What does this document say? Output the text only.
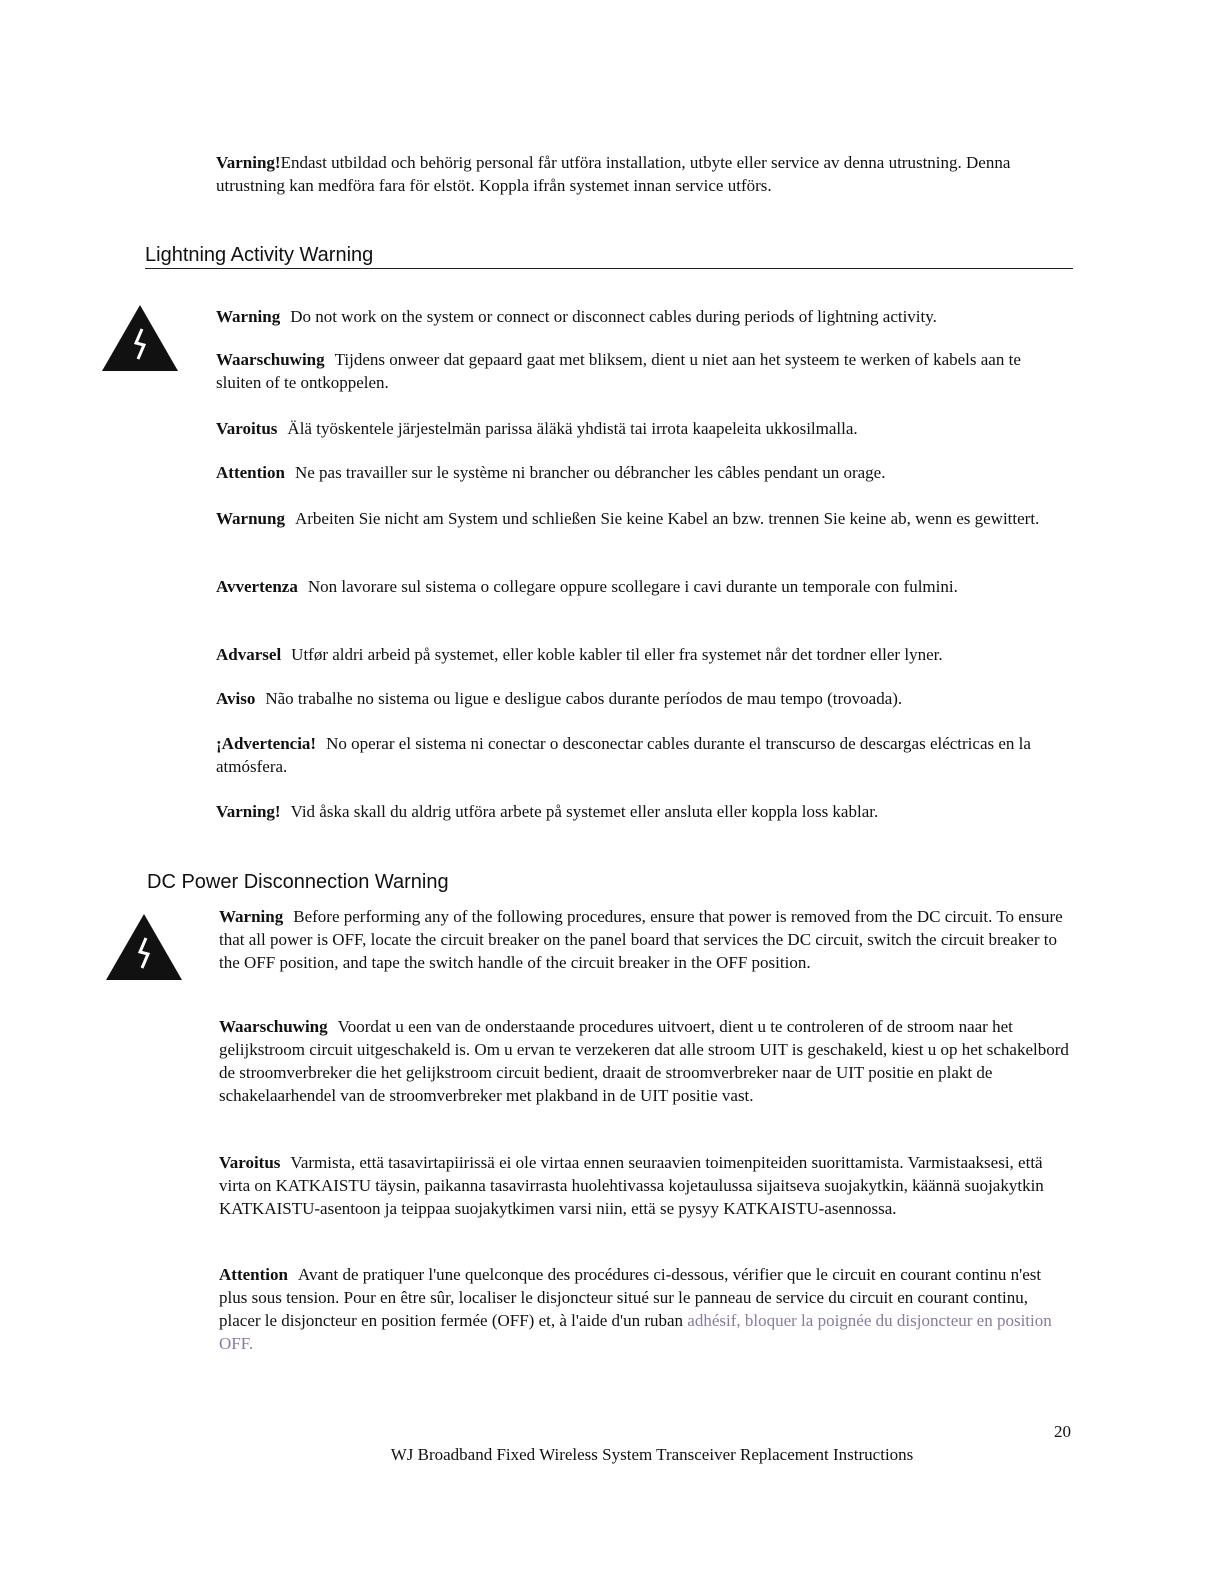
Varning!Endast utbildad och behörig personal får utföra installation, utbyte eller service av denna utrustning. Denna utrustning kan medföra fara för elstöt. Koppla ifrån systemet innan service utförs.

Lightning Activity Warning

Warning Do not work on the system or connect or disconnect cables during periods of lightning activity.

Waarschuwing Tijdens onweer dat gepaard gaat met bliksem, dient u niet aan het systeem te werken of kabels aan te sluiten of te ontkoppelen.

Varoitus Älä työskentele järjestelmän parissa äläkä yhdistä tai irrota kaapeleita ukkosilmalla.

Attention Ne pas travailler sur le système ni brancher ou débrancher les câbles pendant un orage.

Warnung Arbeiten Sie nicht am System und schließen Sie keine Kabel an bzw. trennen Sie keine ab, wenn es gewittert.

Avvertenza Non lavorare sul sistema o collegare oppure scollegare i cavi durante un temporale con fulmini.

Advarsel Utfør aldri arbeid på systemet, eller koble kabler til eller fra systemet når det tordner eller lyner.

Aviso Não trabalhe no sistema ou ligue e desligue cabos durante períodos de mau tempo (trovoada).

¡Advertencia! No operar el sistema ni conectar o desconectar cables durante el transcurso de descargas eléctricas en la atmósfera.

Varning! Vid åska skall du aldrig utföra arbete på systemet eller ansluta eller koppla loss kablar.

DC Power Disconnection Warning

Warning Before performing any of the following procedures, ensure that power is removed from the DC circuit. To ensure that all power is OFF, locate the circuit breaker on the panel board that services the DC circuit, switch the circuit breaker to the OFF position, and tape the switch handle of the circuit breaker in the OFF position.

Waarschuwing Voordat u een van de onderstaande procedures uitvoert, dient u te controleren of de stroom naar het gelijkstroom circuit uitgeschakeld is. Om u ervan te verzekeren dat alle stroom UIT is geschakeld, kiest u op het schakelbord de stroomverbreker die het gelijkstroom circuit bedient, draait de stroomverbreker naar de UIT positie en plakt de schakelaarhendel van de stroomverbreker met plakband in de UIT positie vast.

Varoitus Varmista, että tasavirtapiirissä ei ole virtaa ennen seuraavien toimenpiteiden suorittamista. Varmistaaksesi, että virta on KATKAISTU täysin, paikanna tasavirrasta huolehtivassa kojetaulussa sijaitseva suojakytkin, käännä suojakytkin KATKAISTU-asentoon ja teippaa suojakytkimen varsi niin, että se pysyy KATKAISTU-asennossa.

Attention Avant de pratiquer l'une quelconque des procédures ci-dessous, vérifier que le circuit en courant continu n'est plus sous tension. Pour en être sûr, localiser le disjoncteur situé sur le panneau de service du circuit en courant continu, placer le disjoncteur en position fermée (OFF) et, à l'aide d'un ruban adhésif, bloquer la poignée du disjoncteur en position OFF.

20
WJ Broadband Fixed Wireless System Transceiver Replacement Instructions
